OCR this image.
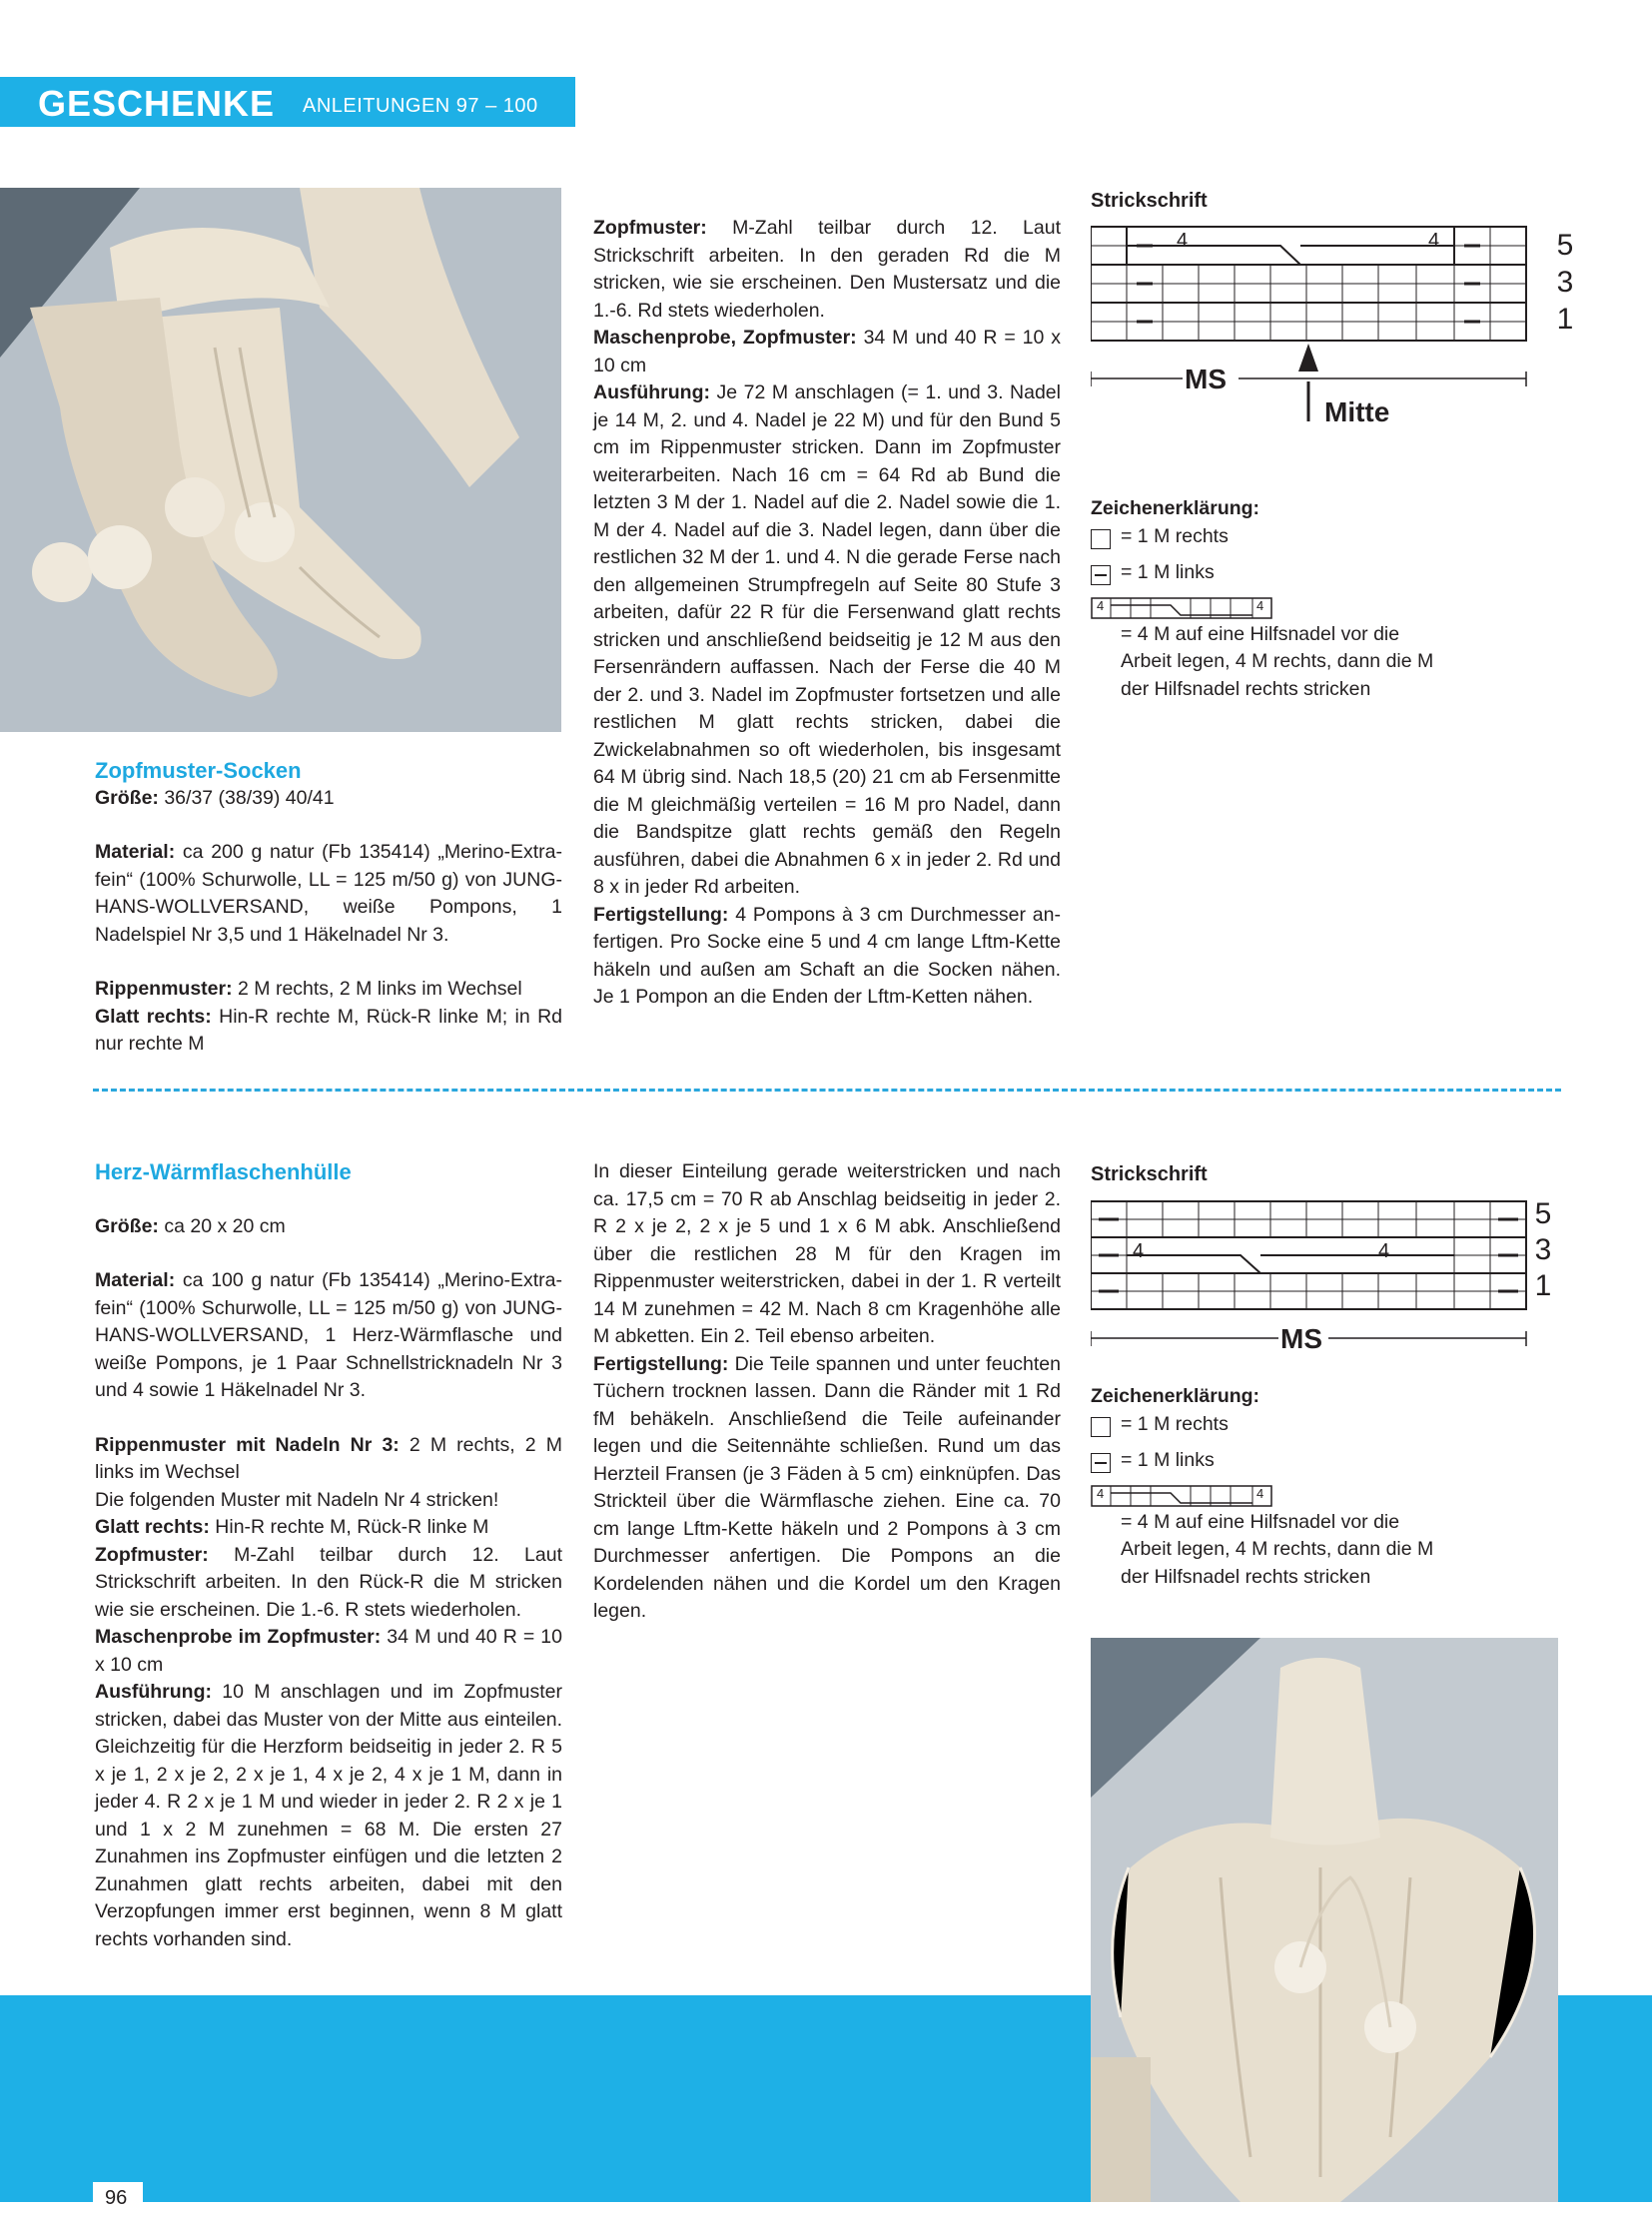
GESCHENKE ANLEITUNGEN 97 – 100

Zopfmuster-Socken

Größe: 36/37 (38/39) 40/41

Material: ca 200 g natur (Fb 135414) „Merino-Extrafein“ (100% Schurwolle, LL = 125 m/50 g) von JUNGHANS-WOLLVERSAND, weiße Pompons, 1 Nadelspiel Nr 3,5 und 1 Häkelnadel Nr 3.

Rippenmuster: 2 M rechts, 2 M links im Wechsel

Glatt rechts: Hin-R rechte M, Rück-R linke M; in Rd nur rechte M

Zopfmuster: M-Zahl teilbar durch 12. Laut Strickschrift arbeiten. In den geraden Rd die M stricken, wie sie erscheinen. Den Mustersatz und die 1.-6. Rd stets wiederholen.

Maschenprobe, Zopfmuster: 34 M und 40 R = 10 x 10 cm

Ausführung: Je 72 M anschlagen (= 1. und 3. Nadel je 14 M, 2. und 4. Nadel je 22 M) und für den Bund 5 cm im Rippenmuster stricken. Dann im Zopfmuster weiterarbeiten. Nach 16 cm = 64 Rd ab Bund die letzten 3 M der 1. Nadel auf die 2. Nadel sowie die 1. M der 4. Nadel auf die 3. Nadel legen, dann über die restlichen 32 M der 1. und 4. N die gerade Ferse nach den allgemeinen Strumpfregeln auf Seite 80 Stufe 3 arbeiten, dafür 22 R für die Fersenwand glatt rechts stricken und anschließend beidseitig je 12 M aus den Fersenrändern auffassen. Nach der Ferse die 40 M der 2. und 3. Nadel im Zopfmuster fortsetzen und alle restlichen M glatt rechts stricken, dabei die Zwickelabnahmen so oft wiederholen, bis insgesamt 64 M übrig sind. Nach 18,5 (20) 21 cm ab Fersenmitte die M gleichmäßig verteilen = 16 M pro Nadel, dann die Bandspitze glatt rechts gemäß den Regeln ausführen, dabei die Abnahmen 6 x in jeder 2. Rd und 8 x in jeder Rd arbeiten.

Fertigstellung: 4 Pompons à 3 cm Durchmesser anfertigen. Pro Socke eine 5 und 4 cm lange Lftm-Kette häkeln und außen am Schaft an die Socken nähen. Je 1 Pompon an die Enden der Lftm-Ketten nähen.

Strickschrift
4	4
MS
Mitte
5
3
1
Zeichenerklärung:
= 1 M rechts
= 1 M links
4	4
= 4 M auf eine Hilfsnadel vor die Arbeit legen, 4 M rechts, dann die M der Hilfsnadel rechts stricken

Herz-Wärmflaschenhülle

Größe: ca 20 x 20 cm

Material: ca 100 g natur (Fb 135414) „Merino-Extrafein“ (100% Schurwolle, LL = 125 m/50 g) von JUNGHANS-WOLLVERSAND, 1 Herz-Wärmflasche und weiße Pompons, je 1 Paar Schnellstricknadeln Nr 3 und 4 sowie 1 Häkelnadel Nr 3.

Rippenmuster mit Nadeln Nr 3: 2 M rechts, 2 M links im Wechsel

Die folgenden Muster mit Nadeln Nr 4 stricken!

Glatt rechts: Hin-R rechte M, Rück-R linke M

Zopfmuster: M-Zahl teilbar durch 12. Laut Strickschrift arbeiten. In den Rück-R die M stricken wie sie erscheinen. Die 1.-6. R stets wiederholen.

Maschenprobe im Zopfmuster: 34 M und 40 R = 10 x 10 cm

Ausführung: 10 M anschlagen und im Zopfmuster stricken, dabei das Muster von der Mitte aus einteilen. Gleichzeitig für die Herzform beidseitig in jeder 2. R 5 x je 1, 2 x je 2, 2 x je 1, 4 x je 2, 4 x je 1 M, dann in jeder 4. R 2 x je 1 M und wieder in jeder 2. R 2 x je 1 und 1 x 2 M zunehmen = 68 M. Die ersten 27 Zunahmen ins Zopfmuster einfügen und die letzten 2 Zunahmen glatt rechts arbeiten, dabei mit den Verzopfungen immer erst beginnen, wenn 8 M glatt rechts vorhanden sind.

In dieser Einteilung gerade weiterstricken und nach ca. 17,5 cm = 70 R ab Anschlag beidseitig in jeder 2. R 2 x je 2, 2 x je 5 und 1 x 6 M abk. Anschließend über die restlichen 28 M für den Kragen im Rippenmuster weiterstricken, dabei in der 1. R verteilt 14 M zunehmen = 42 M. Nach 8 cm Kragenhöhe alle M abketten. Ein 2. Teil ebenso arbeiten.

Fertigstellung: Die Teile spannen und unter feuchten Tüchern trocknen lassen. Dann die Ränder mit 1 Rd fM behäkeln. Anschließend die Teile aufeinander legen und die Seitennähte schließen. Rund um das Herzteil Fransen (je 3 Fäden à 5 cm) einknüpfen. Das Strickteil über die Wärmflasche ziehen. Eine ca. 70 cm lange Lftm-Kette häkeln und 2 Pompons à 3 cm Durchmesser anfertigen. Die Pompons an die Kordelenden nähen und die Kordel um den Kragen legen.

Strickschrift
4	4
MS
5
3
1
Zeichenerklärung:
= 1 M rechts
= 1 M links
4	4
= 4 M auf eine Hilfsnadel vor die Arbeit legen, 4 M rechts, dann die M der Hilfsnadel rechts stricken
96
